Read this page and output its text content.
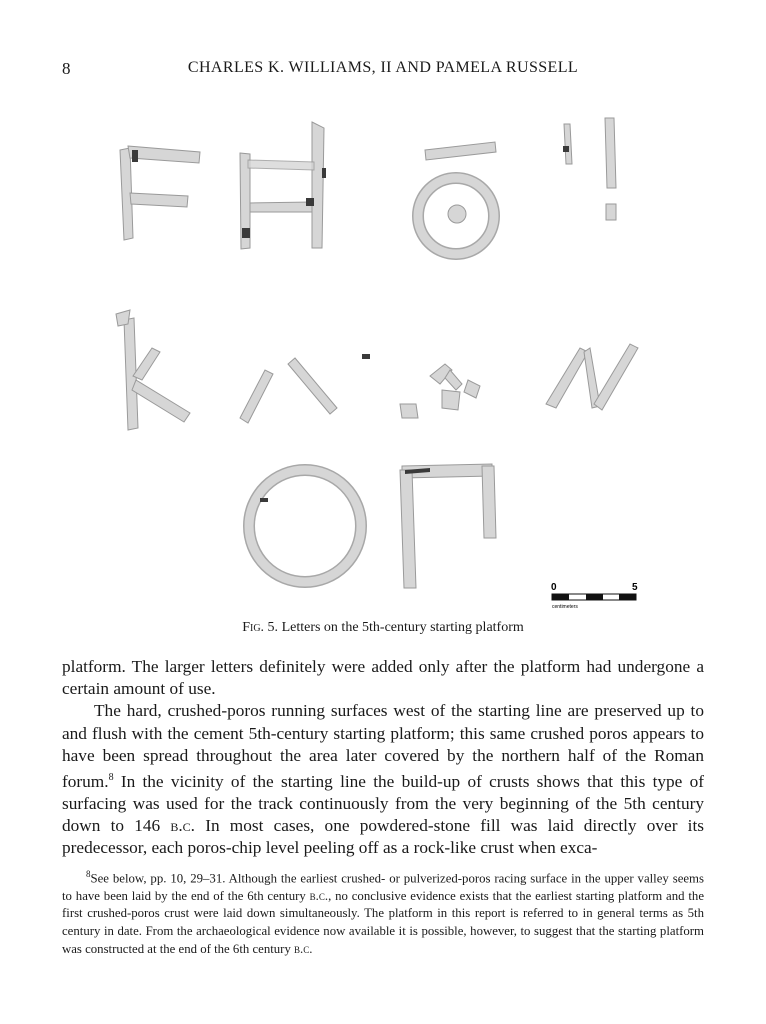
8	CHARLES K. WILLIAMS, II AND PAMELA RUSSELL
0	5
centimeters
Fig. 5. Letters on the 5th-century starting platform

platform. The larger letters definitely were added only after the platform had undergone a certain amount of use.

The hard, crushed-poros running surfaces west of the starting line are preserved up to and flush with the cement 5th-century starting platform; this same crushed poros appears to have been spread throughout the area later covered by the northern half of the Roman forum.$^8$ In the vicinity of the starting line the build-up of crusts shows that this type of surfacing was used for the track continuously from the very beginning of the 5th century down to 146 b.c. In most cases, one powdered-stone fill was laid directly over its predecessor, each poros-chip level peeling off as a rock-like crust when exca-

$^8$See below, pp. 10, 29–31. Although the earliest crushed- or pulverized-poros racing surface in the upper valley seems to have been laid by the end of the 6th century b.c., no conclusive evidence exists that the earliest starting platform and the first crushed-poros crust were laid down simultaneously. The platform in this report is referred to in general terms as 5th century in date. From the archaeological evidence now available it is possible, however, to suggest that the starting platform was constructed at the end of the 6th century b.c.
